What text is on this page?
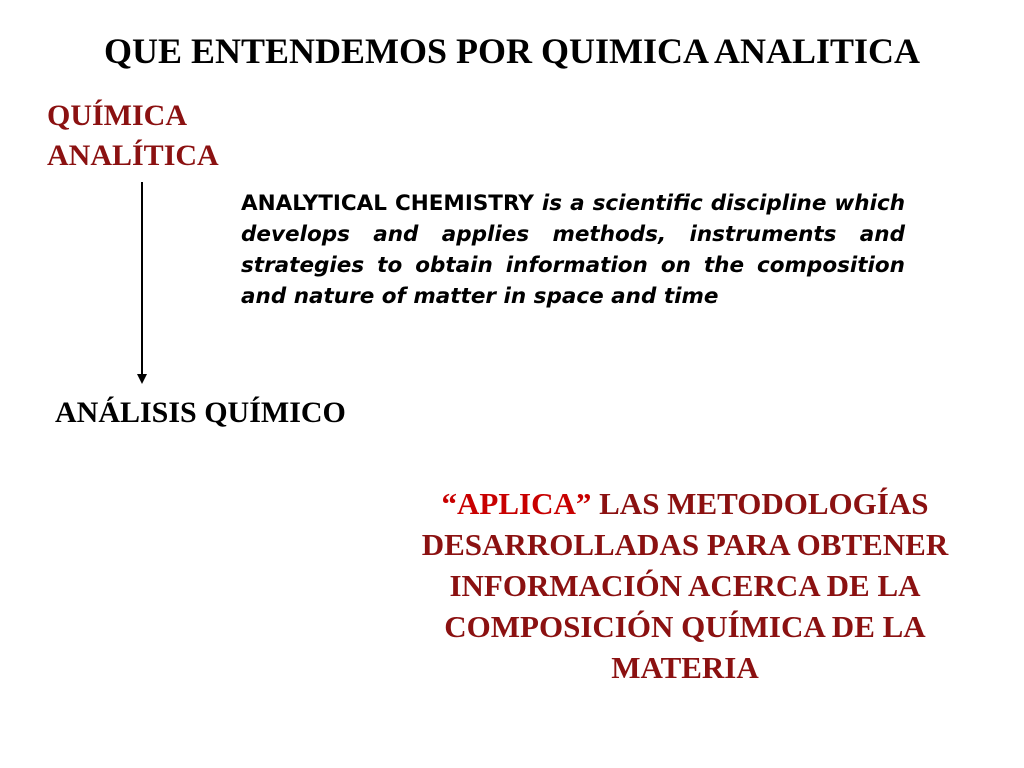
QUE ENTENDEMOS POR QUIMICA ANALITICA
QUÍMICA
ANALÍTICA

ANALYTICAL CHEMISTRY is a scientific discipline which develops and applies methods, instruments and strategies to obtain information on the composition and nature of matter in space and time

ANÁLISIS QUÍMICO

“APLICA” LAS METODOLOGÍAS DESARROLLADAS PARA OBTENER INFORMACIÓN ACERCA DE LA COMPOSICIÓN QUÍMICA DE LA MATERIA
